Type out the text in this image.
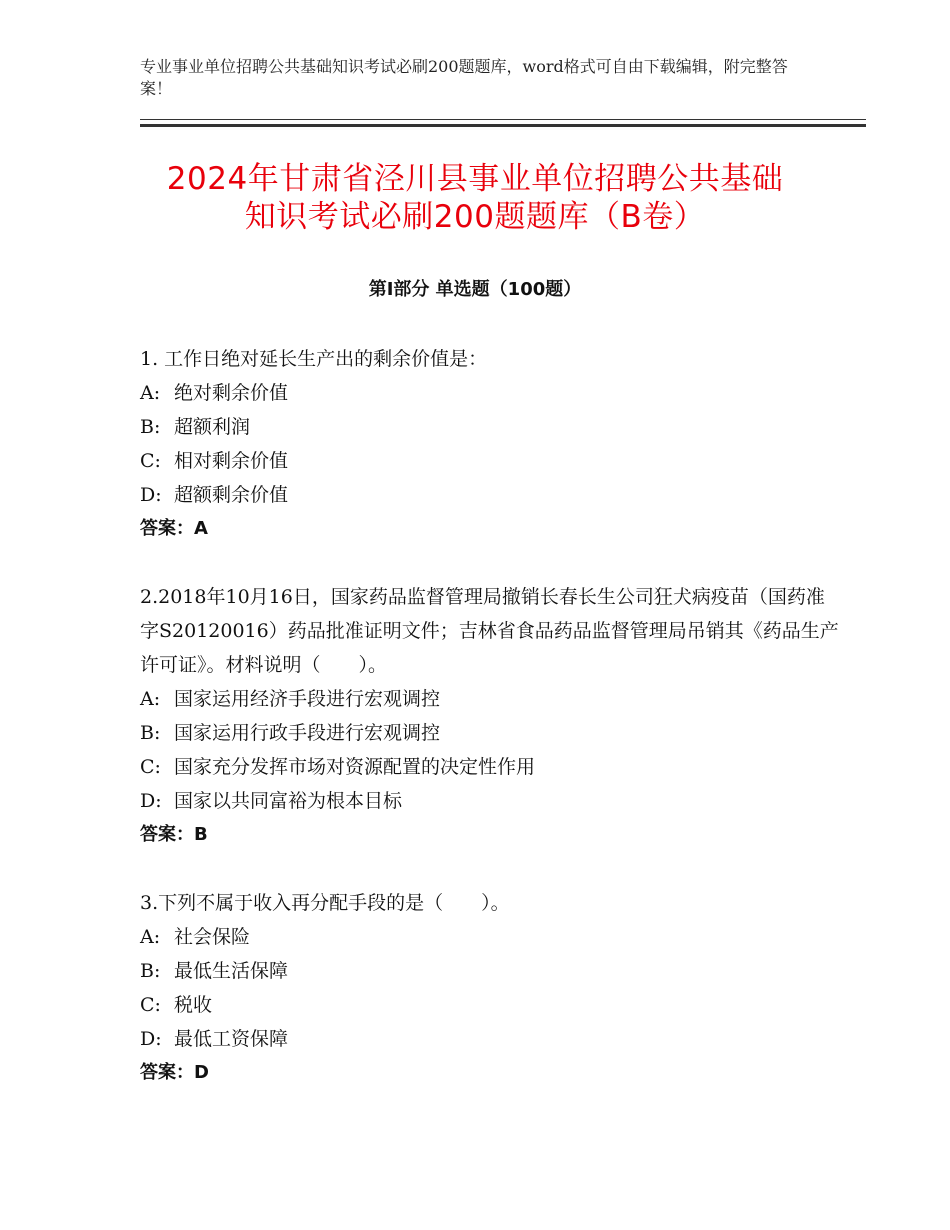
专业事业单位招聘公共基础知识考试必刷200题题库，word格式可自由下载编辑，附完整答案！
2024年甘肃省泾川县事业单位招聘公共基础
知识考试必刷200题题库（B卷）
第Ⅰ部分 单选题（100题）

1. 工作日绝对延长生产出的剩余价值是：

A: 绝对剩余价值

B: 超额利润

C: 相对剩余价值

D: 超额剩余价值

答案：A

2.2018年10月16日，国家药品监督管理局撤销长春长生公司狂犬病疫苗（国药准字S20120016）药品批准证明文件；吉林省食品药品监督管理局吊销其《药品生产许可证》。材料说明（　　）。

A: 国家运用经济手段进行宏观调控

B: 国家运用行政手段进行宏观调控

C: 国家充分发挥市场对资源配置的决定性作用

D: 国家以共同富裕为根本目标

答案：B

3.下列不属于收入再分配手段的是（　　）。

A: 社会保险

B: 最低生活保障

C: 税收

D: 最低工资保障

答案：D
